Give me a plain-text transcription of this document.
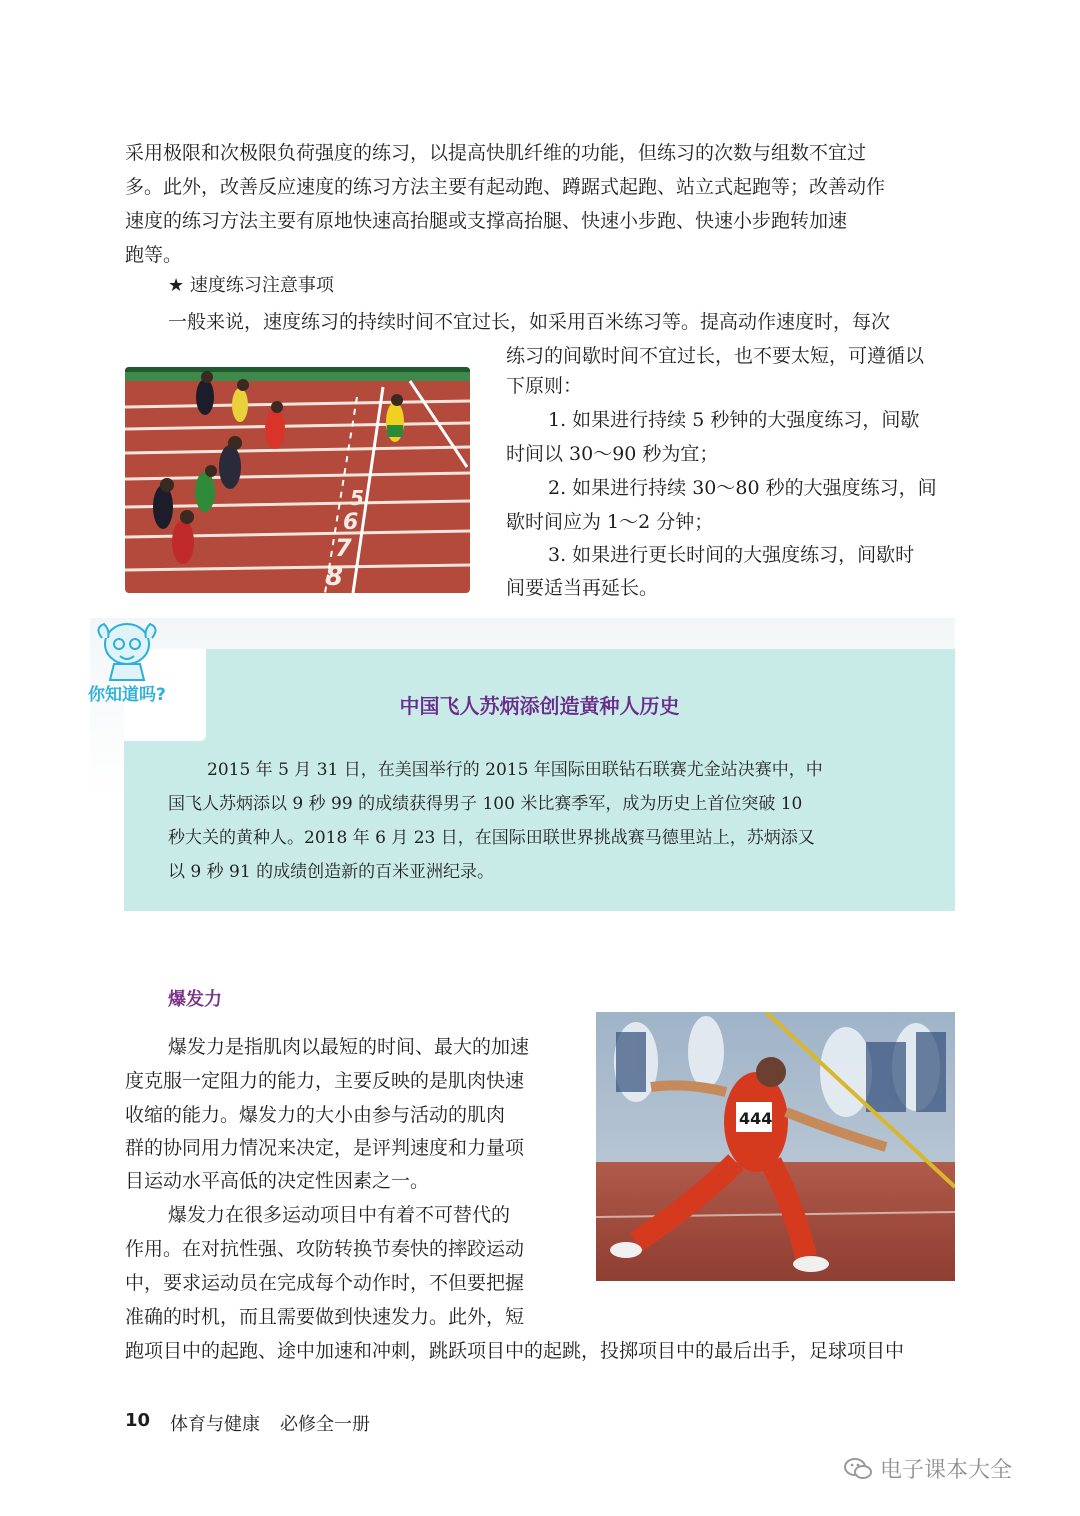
采用极限和次极限负荷强度的练习，以提高快肌纤维的功能，但练习的次数与组数不宜过
多。此外，改善反应速度的练习方法主要有起动跑、蹲踞式起跑、站立式起跑等；改善动作
速度的练习方法主要有原地快速高抬腿或支撑高抬腿、快速小步跑、快速小步跑转加速
跑等。
★ 速度练习注意事项
一般来说，速度练习的持续时间不宜过长，如采用百米练习等。提高动作速度时，每次
练习的间歇时间不宜过长，也不要太短，可遵循以
下原则：
1. 如果进行持续 5 秒钟的大强度练习，间歇
时间以 30～90 秒为宜；
2. 如果进行持续 30～80 秒的大强度练习，间
歇时间应为 1～2 分钟；
3. 如果进行更长时间的大强度练习，间歇时
间要适当再延长。
5
6
7
8
你知道吗?	中国飞人苏炳添创造黄种人历史
2015 年 5 月 31 日，在美国举行的 2015 年国际田联钻石联赛尤金站决赛中，中
国飞人苏炳添以 9 秒 99 的成绩获得男子 100 米比赛季军，成为历史上首位突破 10
秒大关的黄种人。2018 年 6 月 23 日，在国际田联世界挑战赛马德里站上，苏炳添又
以 9 秒 91 的成绩创造新的百米亚洲纪录。
爆发力
爆发力是指肌肉以最短的时间、最大的加速
度克服一定阻力的能力，主要反映的是肌肉快速
收缩的能力。爆发力的大小由参与活动的肌肉
群的协同用力情况来决定，是评判速度和力量项
目运动水平高低的决定性因素之一。
爆发力在很多运动项目中有着不可替代的
作用。在对抗性强、攻防转换节奏快的摔跤运动
中，要求运动员在完成每个动作时，不但要把握
准确的时机，而且需要做到快速发力。此外，短
跑项目中的起跑、途中加速和冲刺，跳跃项目中的起跳，投掷项目中的最后出手，足球项目中
444
10 体育与健康 必修全一册
电子课本大全
